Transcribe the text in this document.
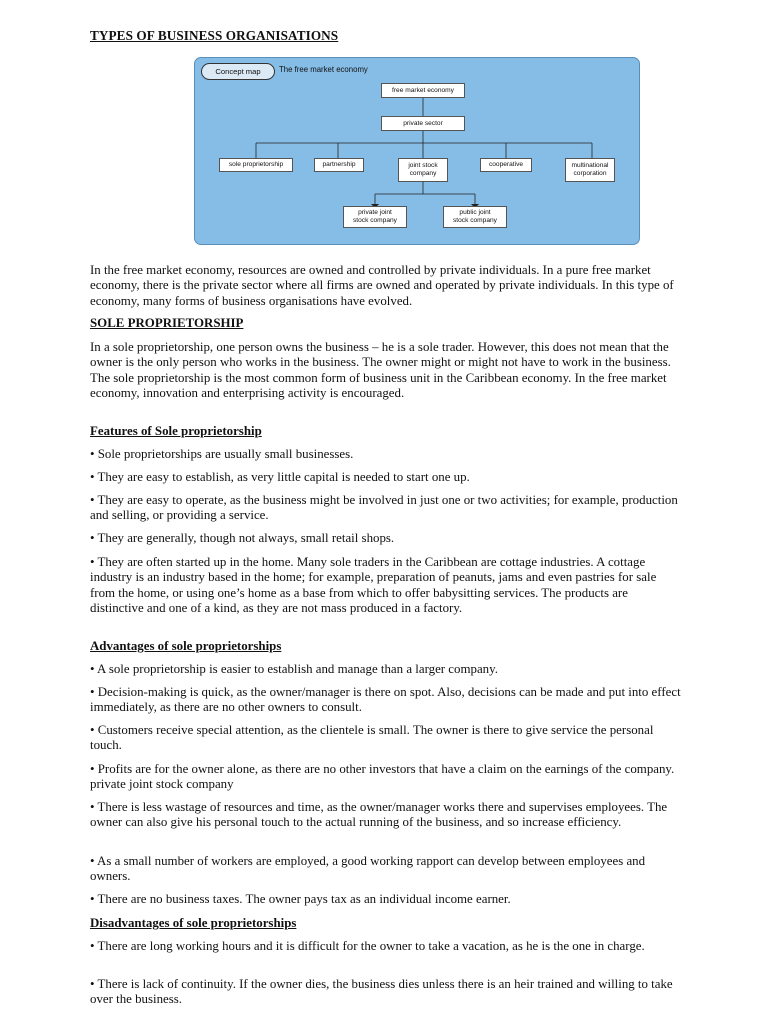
TYPES OF BUSINESS ORGANISATIONS
Concept map	The free market economy
free market economy
private sector
sole proprietorship	partnership	joint stock
company
cooperative	multinational
corporation
private joint
stock company
public joint
stock company

In the free market economy, resources are owned and controlled by private individuals. In a pure free market economy, there is the private sector where all firms are owned and operated by private individuals. In this type of economy, many forms of business organisations have evolved.

SOLE PROPRIETORSHIP

In a sole proprietorship, one person owns the business – he is a sole trader. However, this does not mean that the owner is the only person who works in the business. The owner might or might not have to work in the business. The sole proprietorship is the most common form of business unit in the Caribbean economy. In the free market economy, innovation and enterprising activity is encouraged.

Features of Sole proprietorship

• Sole proprietorships are usually small businesses.

• They are easy to establish, as very little capital is needed to start one up.

• They are easy to operate, as the business might be involved in just one or two activities; for example, production and selling, or providing a service.

• They are generally, though not always, small retail shops.

• They are often started up in the home. Many sole traders in the Caribbean are cottage industries. A cottage industry is an industry based in the home; for example, preparation of peanuts, jams and even pastries for sale from the home, or using one’s home as a base from which to offer babysitting services. The products are distinctive and one of a kind, as they are not mass produced in a factory.

Advantages of sole proprietorships

• A sole proprietorship is easier to establish and manage than a larger company.

• Decision-making is quick, as the owner/manager is there on spot. Also, decisions can be made and put into effect immediately, as there are no other owners to consult.

• Customers receive special attention, as the clientele is small. The owner is there to give service the personal touch.

• Profits are for the owner alone, as there are no other investors that have a claim on the earnings of the company. private joint stock company

• There is less wastage of resources and time, as the owner/manager works there and supervises employees. The owner can also give his personal touch to the actual running of the business, and so increase efficiency.

• As a small number of workers are employed, a good working rapport can develop between employees and owners.

• There are no business taxes. The owner pays tax as an individual income earner.

Disadvantages of sole proprietorships

• There are long working hours and it is difficult for the owner to take a vacation, as he is the one in charge.

• There is lack of continuity. If the owner dies, the business dies unless there is an heir trained and willing to take over the business.
